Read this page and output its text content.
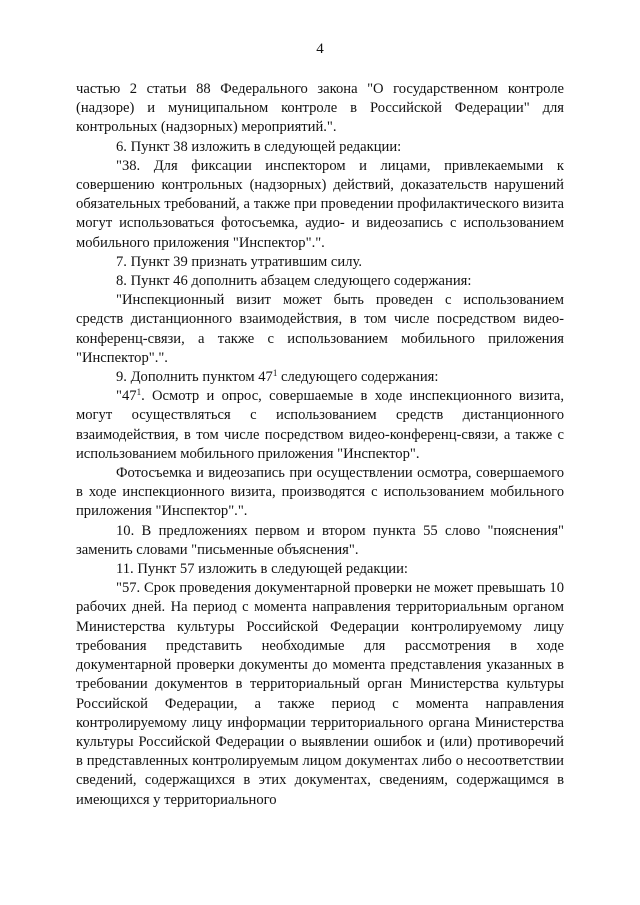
4

частью 2 статьи 88 Федерального закона "О государственном контроле (надзоре) и муниципальном контроле в Российской Федерации" для контрольных (надзорных) мероприятий.".

6. Пункт 38 изложить в следующей редакции:

"38. Для фиксации инспектором и лицами, привлекаемыми к совершению контрольных (надзорных) действий, доказательств нарушений обязательных требований, а также при проведении профилактического визита могут использоваться фотосъемка, аудио- и видеозапись с использованием мобильного приложения "Инспектор".".

7. Пункт 39 признать утратившим силу.

8. Пункт 46 дополнить абзацем следующего содержания:

"Инспекционный визит может быть проведен с использованием средств дистанционного взаимодействия, в том числе посредством видео-конференц-связи, а также с использованием мобильного приложения "Инспектор".".

9. Дополнить пунктом $47^1$ следующего содержания:

"$47^1$. Осмотр и опрос, совершаемые в ходе инспекционного визита, могут осуществляться с использованием средств дистанционного взаимодействия, в том числе посредством видео-конференц-связи, а также с использованием мобильного приложения "Инспектор".

Фотосъемка и видеозапись при осуществлении осмотра, совершаемого в ходе инспекционного визита, производятся с использованием мобильного приложения "Инспектор".".

10. В предложениях первом и втором пункта 55 слово "пояснения" заменить словами "письменные объяснения".

11. Пункт 57 изложить в следующей редакции:

"57. Срок проведения документарной проверки не может превышать 10 рабочих дней. На период с момента направления территориальным органом Министерства культуры Российской Федерации контролируемому лицу требования представить необходимые для рассмотрения в ходе документарной проверки документы до момента представления указанных в требовании документов в территориальный орган Министерства культуры Российской Федерации, а также период с момента направления контролируемому лицу информации территориального органа Министерства культуры Российской Федерации о выявлении ошибок и (или) противоречий в представленных контролируемым лицом документах либо о несоответствии сведений, содержащихся в этих документах, сведениям, содержащимся в имеющихся у территориального
